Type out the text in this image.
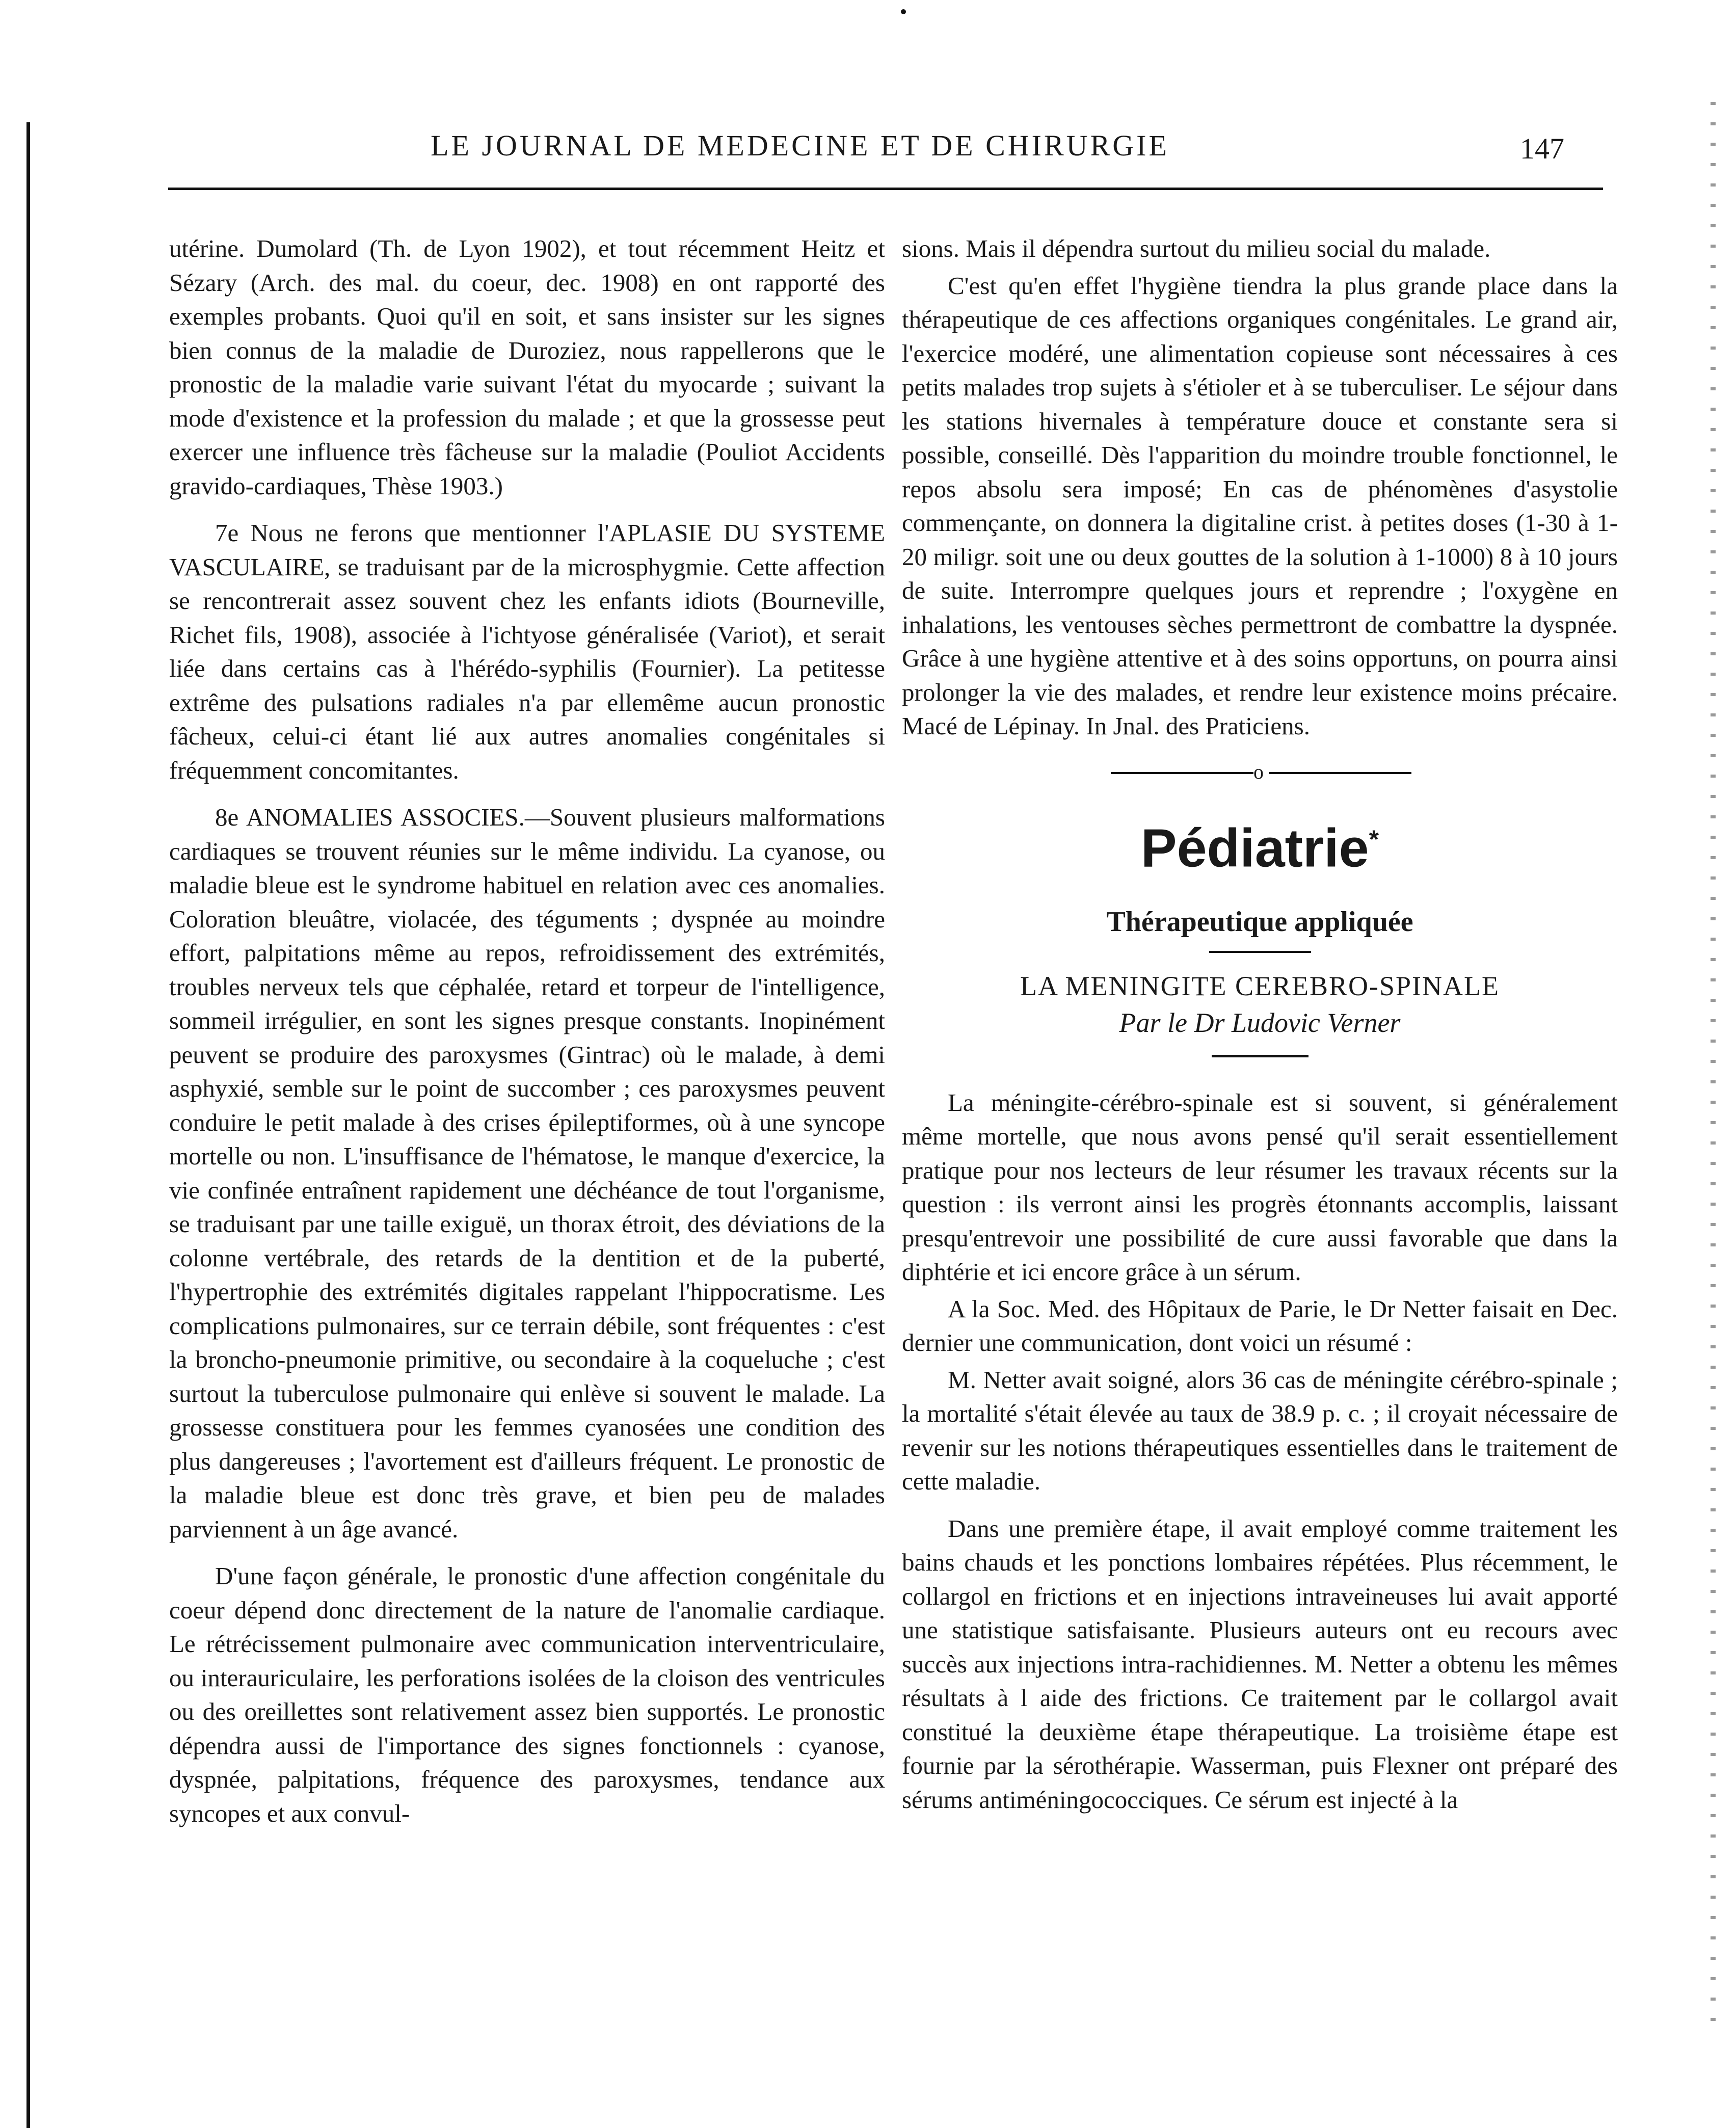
LE JOURNAL DE MEDECINE ET DE CHIRURGIE	147

utérine. Dumolard (Th. de Lyon 1902), et tout récemment Heitz et Sézary (Arch. des mal. du coeur, dec. 1908) en ont rapporté des exemples probants. Quoi qu'il en soit, et sans insister sur les signes bien connus de la maladie de Duroziez, nous rappellerons que le pronostic de la maladie varie suivant l'état du myocarde ; suivant la mode d'existence et la profession du malade ; et que la grossesse peut exercer une influence très fâcheuse sur la maladie (Pouliot Accidents gravido-cardiaques, Thèse 1903.)

7e Nous ne ferons que mentionner l'APLASIE DU SYSTEME VASCULAIRE, se traduisant par de la microsphygmie. Cette affection se rencontrerait assez souvent chez les enfants idiots (Bourneville, Richet fils, 1908), associée à l'ichtyose généralisée (Variot), et serait liée dans certains cas à l'hérédo-syphilis (Fournier). La petitesse extrême des pulsations radiales n'a par ellemême aucun pronostic fâcheux, celui-ci étant lié aux autres anomalies congénitales si fréquemment concomitantes.

8e ANOMALIES ASSOCIES.—Souvent plusieurs malformations cardiaques se trouvent réunies sur le même individu. La cyanose, ou maladie bleue est le syndrome habituel en relation avec ces anomalies. Coloration bleuâtre, violacée, des téguments ; dyspnée au moindre effort, palpitations même au repos, refroidissement des extrémités, troubles nerveux tels que céphalée, retard et torpeur de l'intelligence, sommeil irrégulier, en sont les signes presque constants. Inopinément peuvent se produire des paroxysmes (Gintrac) où le malade, à demi asphyxié, semble sur le point de succomber ; ces paroxysmes peuvent conduire le petit malade à des crises épileptiformes, où à une syncope mortelle ou non. L'insuffisance de l'hématose, le manque d'exercice, la vie confinée entraînent rapidement une déchéance de tout l'organisme, se traduisant par une taille exiguë, un thorax étroit, des déviations de la colonne vertébrale, des retards de la dentition et de la puberté, l'hypertrophie des extrémités digitales rappelant l'hippocratisme. Les complications pulmonaires, sur ce terrain débile, sont fréquentes : c'est la broncho-pneumonie primitive, ou secondaire à la coqueluche ; c'est surtout la tuberculose pulmonaire qui enlève si souvent le malade. La grossesse constituera pour les femmes cyanosées une condition des plus dangereuses ; l'avortement est d'ailleurs fréquent. Le pronostic de la maladie bleue est donc très grave, et bien peu de malades parviennent à un âge avancé.

D'une façon générale, le pronostic d'une affection congénitale du coeur dépend donc directement de la nature de l'anomalie cardiaque. Le rétrécissement pulmonaire avec communication interventriculaire, ou interauriculaire, les perforations isolées de la cloison des ventricules ou des oreillettes sont relativement assez bien supportés. Le pronostic dépendra aussi de l'importance des signes fonctionnels : cyanose, dyspnée, palpitations, fréquence des paroxysmes, tendance aux syncopes et aux convul-

sions. Mais il dépendra surtout du milieu social du malade.

C'est qu'en effet l'hygiène tiendra la plus grande place dans la thérapeutique de ces affections organiques congénitales. Le grand air, l'exercice modéré, une alimentation copieuse sont nécessaires à ces petits malades trop sujets à s'étioler et à se tuberculiser. Le séjour dans les stations hivernales à température douce et constante sera si possible, conseillé. Dès l'apparition du moindre trouble fonctionnel, le repos absolu sera imposé; En cas de phénomènes d'asystolie commençante, on donnera la digitaline crist. à petites doses (1-30 à 1-20 miligr. soit une ou deux gouttes de la solution à 1-1000) 8 à 10 jours de suite. Interrompre quelques jours et reprendre ; l'oxygène en inhalations, les ventouses sèches permettront de combattre la dyspnée. Grâce à une hygiène attentive et à des soins opportuns, on pourra ainsi prolonger la vie des malades, et rendre leur existence moins précaire. Macé de Lépinay. In Jnal. des Praticiens.

o
Pédiatrie*
Thérapeutique appliquée
LA MENINGITE CEREBRO-SPINALE
Par le Dr Ludovic Verner

La méningite-cérébro-spinale est si souvent, si généralement même mortelle, que nous avons pensé qu'il serait essentiellement pratique pour nos lecteurs de leur résumer les travaux récents sur la question : ils verront ainsi les progrès étonnants accomplis, laissant presqu'entrevoir une possibilité de cure aussi favorable que dans la diphtérie et ici encore grâce à un sérum.

A la Soc. Med. des Hôpitaux de Parie, le Dr Netter faisait en Dec. dernier une communication, dont voici un résumé :

M. Netter avait soigné, alors 36 cas de méningite cérébro-spinale ; la mortalité s'était élevée au taux de 38.9 p. c. ; il croyait nécessaire de revenir sur les notions thérapeutiques essentielles dans le traitement de cette maladie.

Dans une première étape, il avait employé comme traitement les bains chauds et les ponctions lombaires répétées. Plus récemment, le collargol en frictions et en injections intraveineuses lui avait apporté une statistique satisfaisante. Plusieurs auteurs ont eu recours avec succès aux injections intra-rachidiennes. M. Netter a obtenu les mêmes résultats à l aide des frictions. Ce traitement par le collargol avait constitué la deuxième étape thérapeutique. La troisième étape est fournie par la sérothérapie. Wasserman, puis Flexner ont préparé des sérums antiméningococciques. Ce sérum est injecté à la
